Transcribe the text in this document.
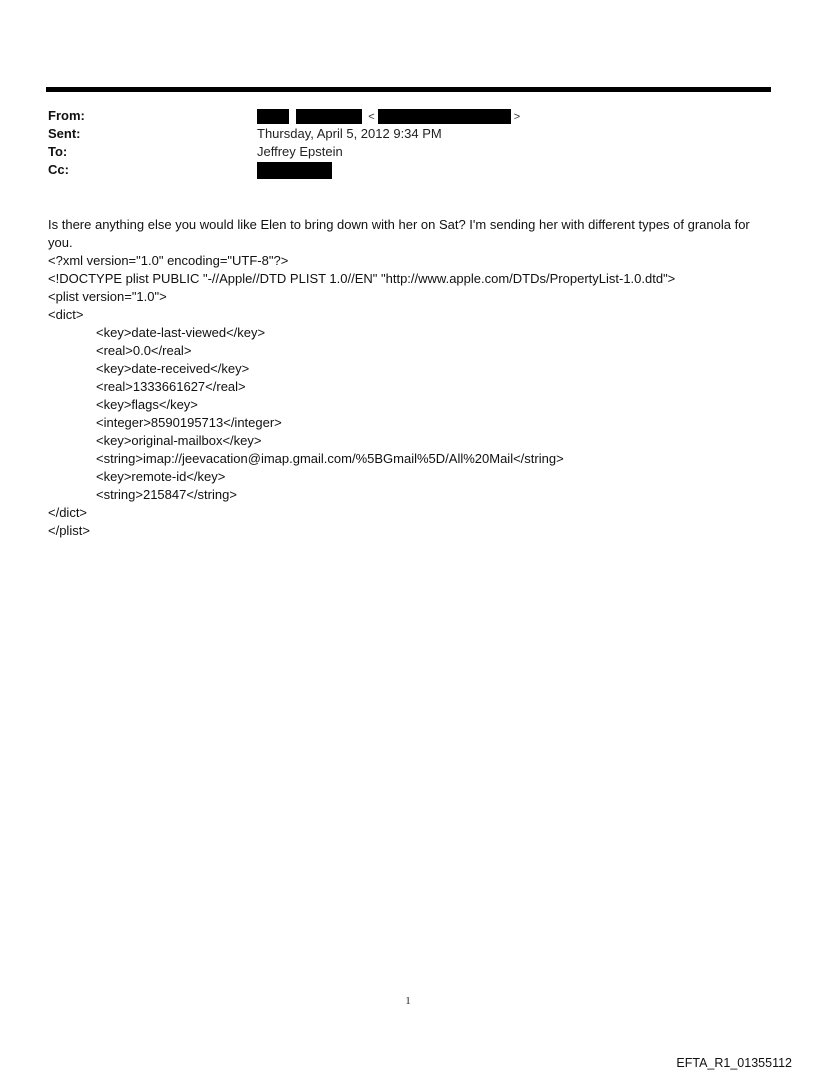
From:	<	>
Sent:	Thursday, April 5, 2012 9:34 PM
To:	Jeffrey Epstein
Cc:

Is there anything else you would like Elen to bring down with her on Sat? I'm sending her with different types of granola for you.

<?xml version="1.0" encoding="UTF-8"?>
<!DOCTYPE plist PUBLIC "-//Apple//DTD PLIST 1.0//EN" "http://www.apple.com/DTDs/PropertyList-1.0.dtd">
<plist version="1.0">
<dict>
<key>date-last-viewed</key>
<real>0.0</real>
<key>date-received</key>
<real>1333661627</real>
<key>flags</key>
<integer>8590195713</integer>
<key>original-mailbox</key>
<string>imap://jeevacation@imap.gmail.com/%5BGmail%5D/All%20Mail</string>
<key>remote-id</key>
<string>215847</string>
</dict>
</plist>
1
EFTA_R1_01355112
